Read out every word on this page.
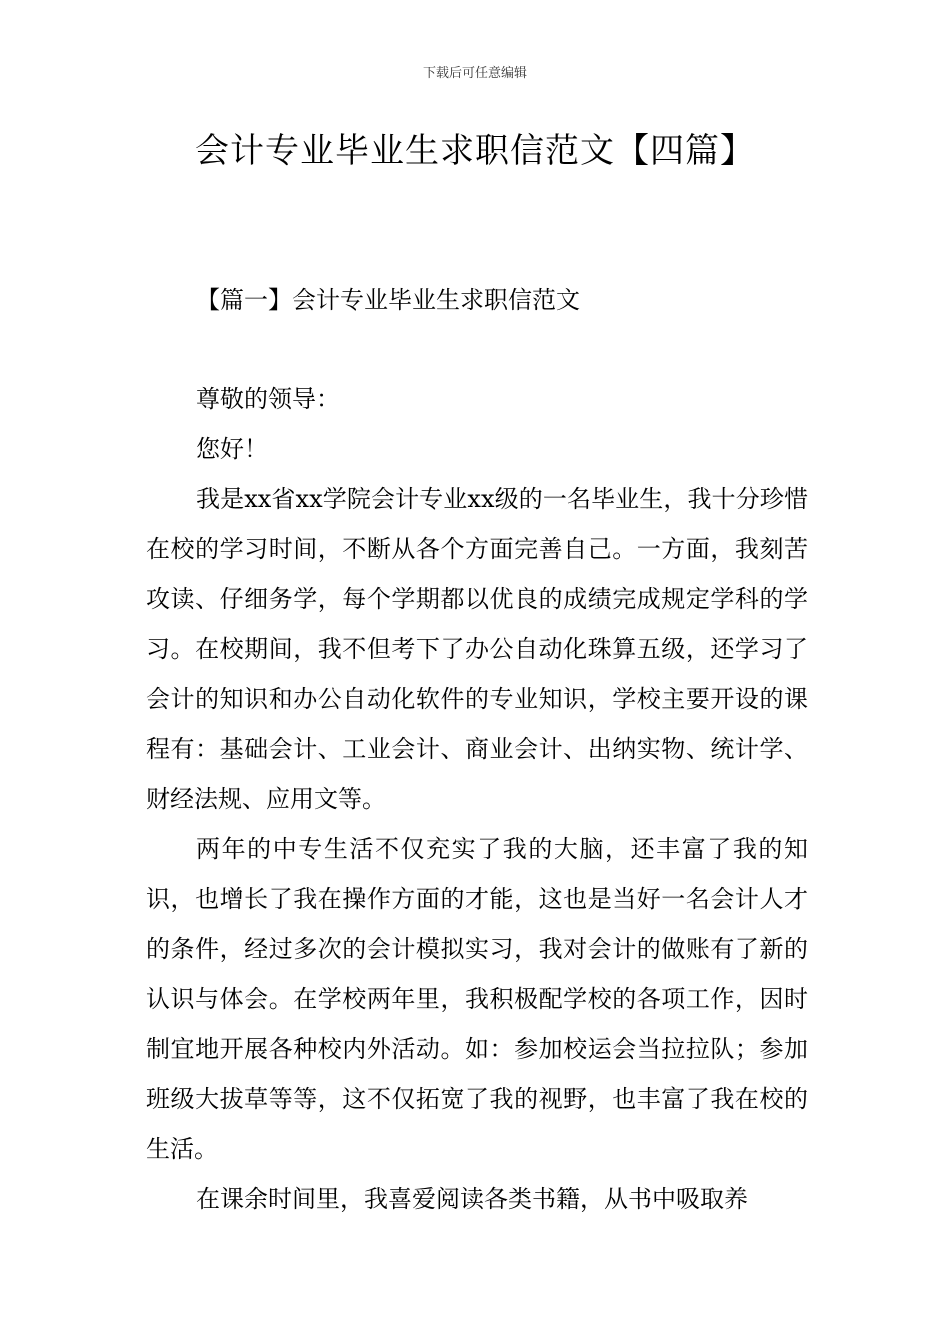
下载后可任意编辑
会计专业毕业生求职信范文【四篇】
【篇一】会计专业毕业生求职信范文

尊敬的领导：

您好！

我是xx省xx学院会计专业xx级的一名毕业生，我十分珍惜在校的学习时间，不断从各个方面完善自己。一方面，我刻苦攻读、仔细务学，每个学期都以优良的成绩完成规定学科的学习。在校期间，我不但考下了办公自动化珠算五级，还学习了会计的知识和办公自动化软件的专业知识，学校主要开设的课程有：基础会计、工业会计、商业会计、出纳实物、统计学、财经法规、应用文等。

两年的中专生活不仅充实了我的大脑，还丰富了我的知识，也增长了我在操作方面的才能，这也是当好一名会计人才的条件，经过多次的会计模拟实习，我对会计的做账有了新的认识与体会。在学校两年里，我积极配学校的各项工作，因时制宜地开展各种校内外活动。如：参加校运会当拉拉队；参加班级大拔草等等，这不仅拓宽了我的视野，也丰富了我在校的生活。

在课余时间里，我喜爱阅读各类书籍，从书中吸取养
